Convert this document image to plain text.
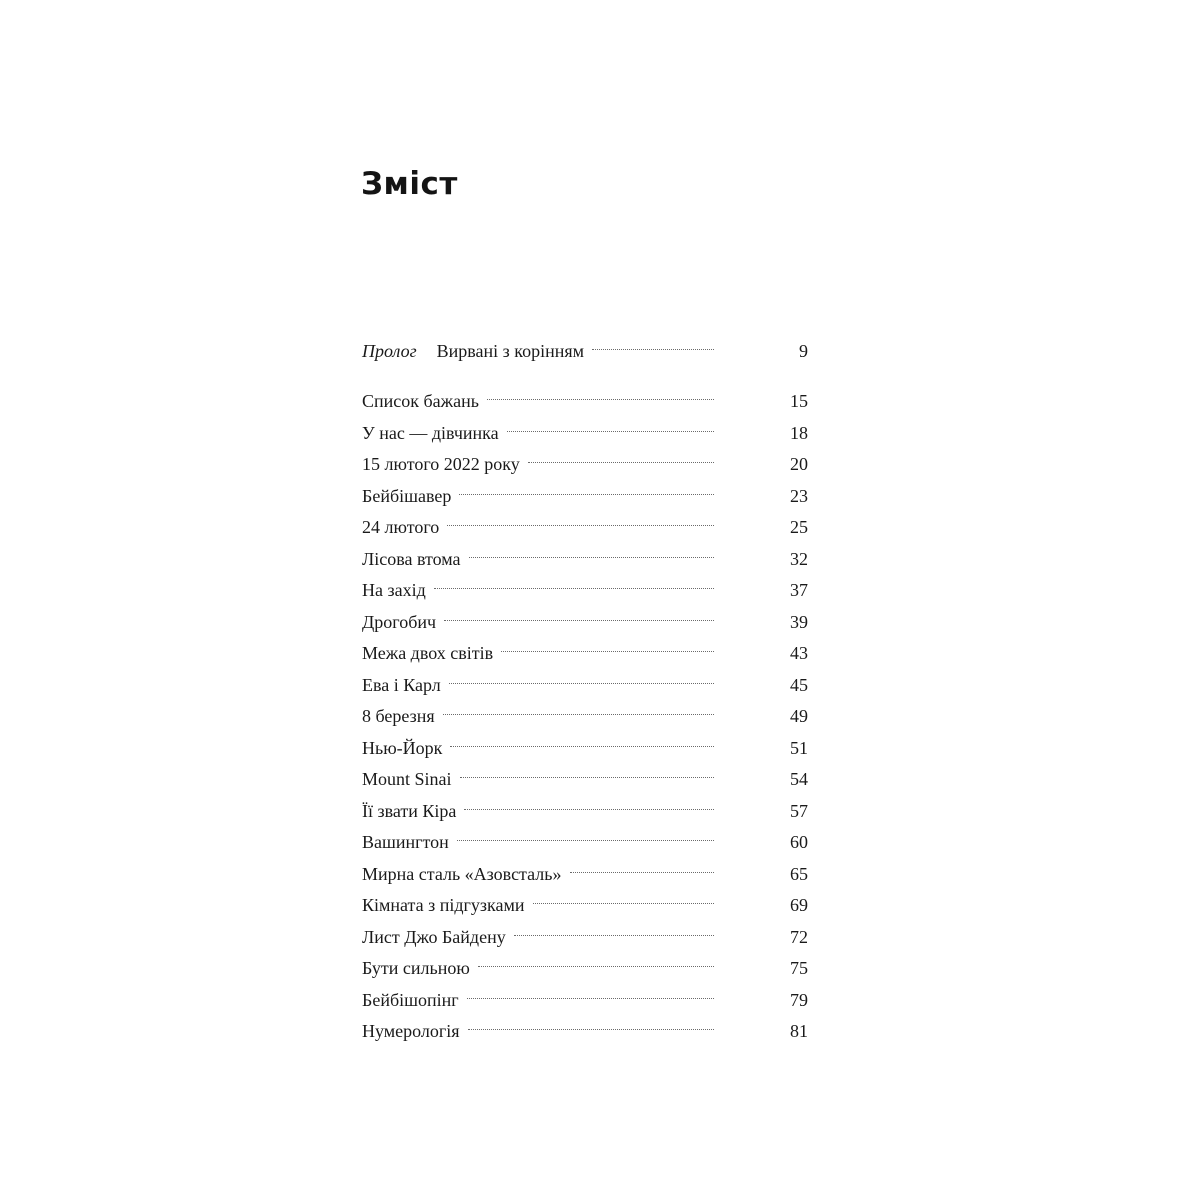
Зміст
Пролог Вирвані з корінням	9
Список бажань	15
У нас — дівчинка	18
15 лютого 2022 року	20
Бейбішавер	23
24 лютого	25
Лісова втома	32
На захід	37
Дрогобич	39
Межа двох світів	43
Ева і Карл	45
8 березня	49
Нью-Йорк	51
Mount Sinai	54
Її звати Кіра	57
Вашингтон	60
Мирна сталь «Азовсталь»	65
Кімната з підгузками	69
Лист Джо Байдену	72
Бути сильною	75
Бейбішопінг	79
Нумерологія	81
